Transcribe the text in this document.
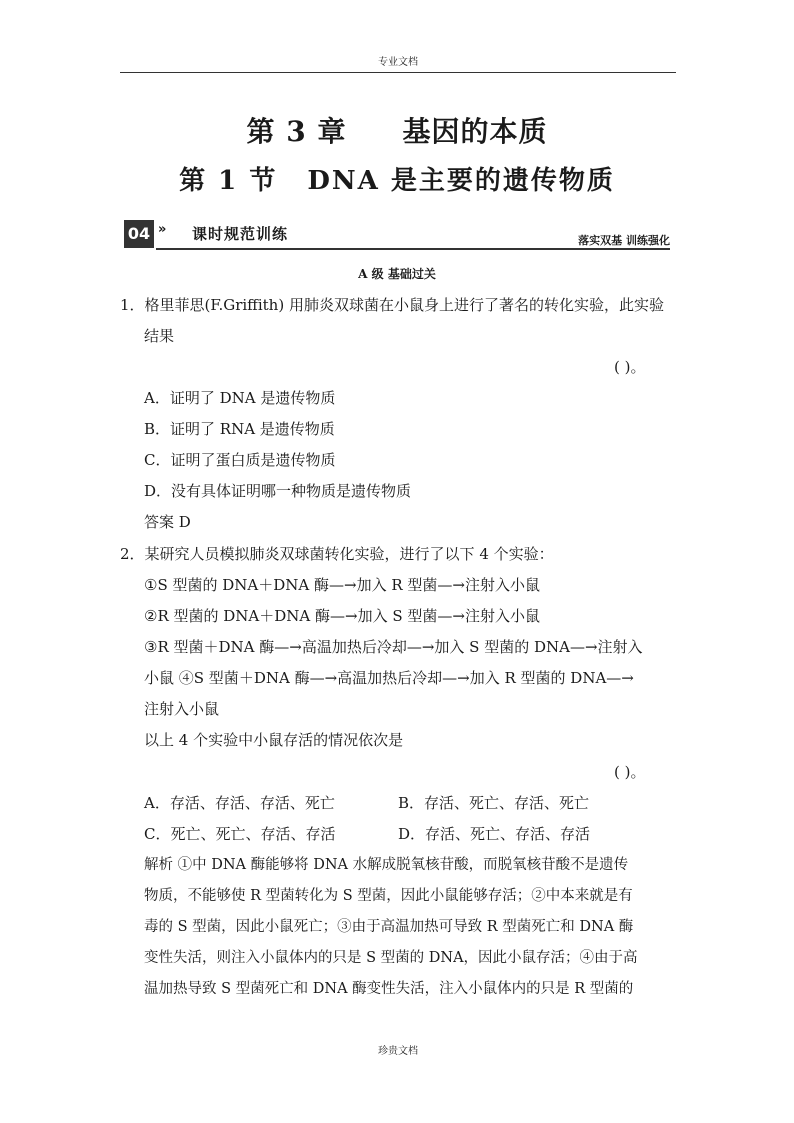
专业文档
第 3 章 基因的本质
第 1 节 DNA 是主要的遗传物质
04 » 课时规范训练	落实双基 训练强化
A 级 基础过关
1．格里菲思(F.Griffith) 用肺炎双球菌在小鼠身上进行了著名的转化实验，此实验
结果
( )。
A．证明了 DNA 是遗传物质
B．证明了 RNA 是遗传物质
C．证明了蛋白质是遗传物质
D．没有具体证明哪一种物质是遗传物质
答案 D
2．某研究人员模拟肺炎双球菌转化实验，进行了以下 4 个实验：
①S 型菌的 DNA＋DNA 酶—→加入 R 型菌—→注射入小鼠
②R 型菌的 DNA＋DNA 酶—→加入 S 型菌—→注射入小鼠
③R 型菌＋DNA 酶—→高温加热后冷却—→加入 S 型菌的 DNA—→注射入
小鼠 ④S 型菌＋DNA 酶—→高温加热后冷却—→加入 R 型菌的 DNA—→
注射入小鼠
以上 4 个实验中小鼠存活的情况依次是
( )。
A．存活、存活、存活、死亡	B．存活、死亡、存活、死亡
C．死亡、死亡、存活、存活	D．存活、死亡、存活、存活
解析 ①中 DNA 酶能够将 DNA 水解成脱氧核苷酸，而脱氧核苷酸不是遗传
物质，不能够使 R 型菌转化为 S 型菌，因此小鼠能够存活；②中本来就是有
毒的 S 型菌，因此小鼠死亡；③由于高温加热可导致 R 型菌死亡和 DNA 酶
变性失活，则注入小鼠体内的只是 S 型菌的 DNA，因此小鼠存活；④由于高
温加热导致 S 型菌死亡和 DNA 酶变性失活，注入小鼠体内的只是 R 型菌的
珍贵文档
